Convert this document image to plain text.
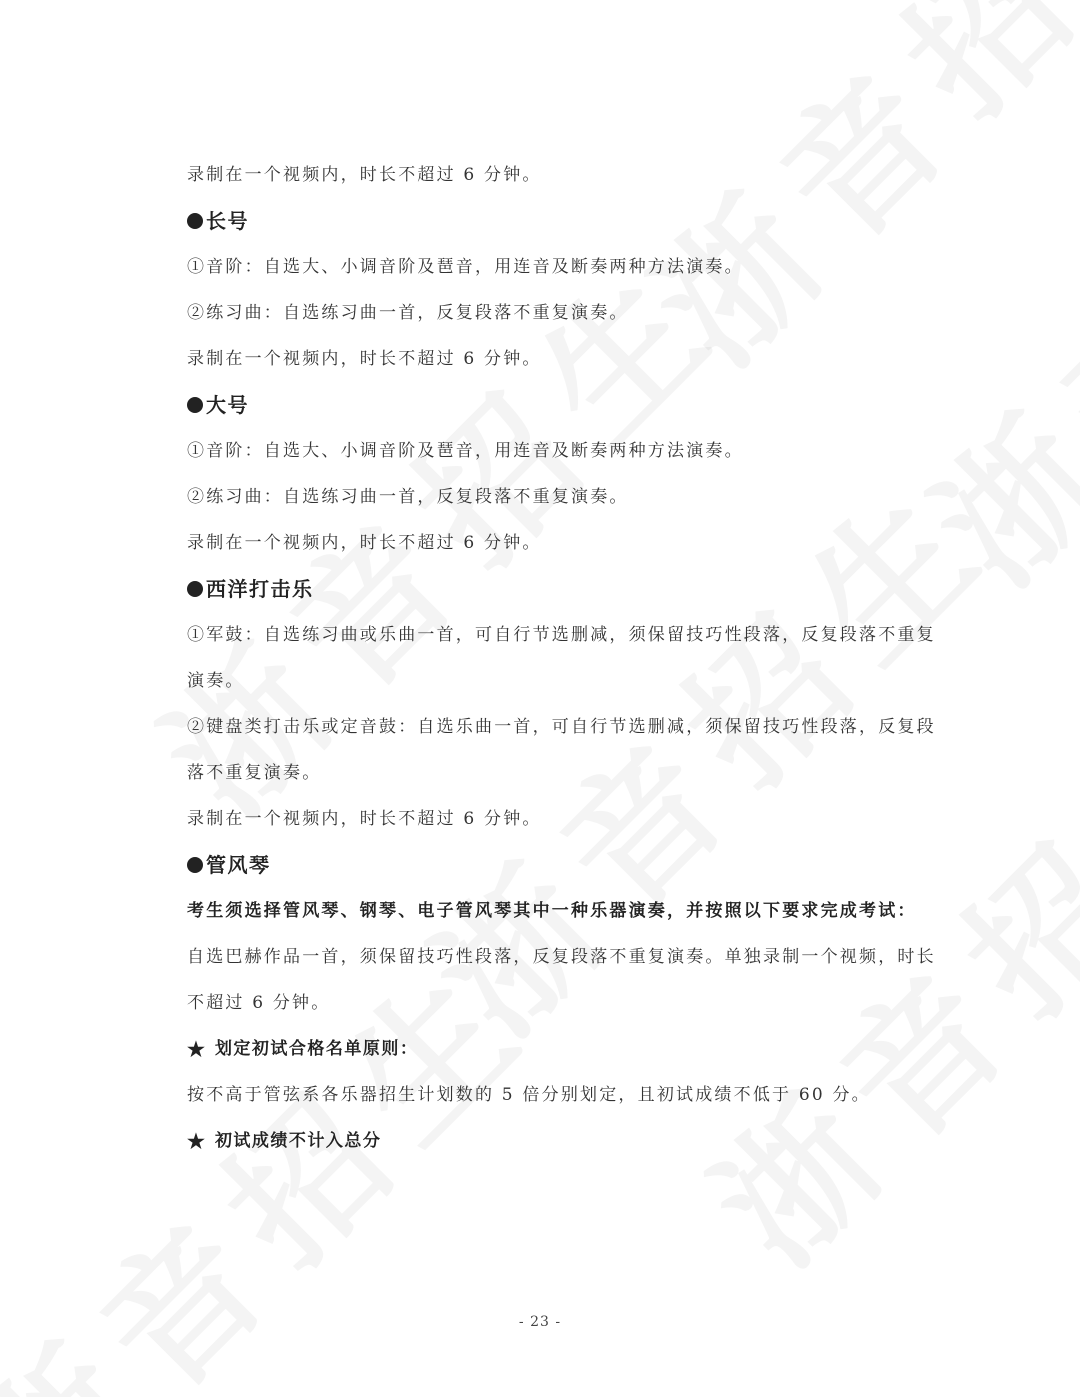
录制在一个视频内，时长不超过 6 分钟。
长号
①音阶：自选大、小调音阶及琶音，用连音及断奏两种方法演奏。
②练习曲：自选练习曲一首，反复段落不重复演奏。
录制在一个视频内，时长不超过 6 分钟。
大号
①音阶：自选大、小调音阶及琶音，用连音及断奏两种方法演奏。
②练习曲：自选练习曲一首，反复段落不重复演奏。
录制在一个视频内，时长不超过 6 分钟。
西洋打击乐
①军鼓：自选练习曲或乐曲一首，可自行节选删减，须保留技巧性段落，反复段落不重复
演奏。
②键盘类打击乐或定音鼓：自选乐曲一首，可自行节选删减，须保留技巧性段落，反复段
落不重复演奏。
录制在一个视频内，时长不超过 6 分钟。
管风琴
考生须选择管风琴、钢琴、电子管风琴其中一种乐器演奏，并按照以下要求完成考试：
自选巴赫作品一首，须保留技巧性段落，反复段落不重复演奏。单独录制一个视频，时长
不超过 6 分钟。
★ 划定初试合格名单原则：
按不高于管弦系各乐器招生计划数的 5 倍分别划定，且初试成绩不低于 60 分。
★ 初试成绩不计入总分
- 23 -
